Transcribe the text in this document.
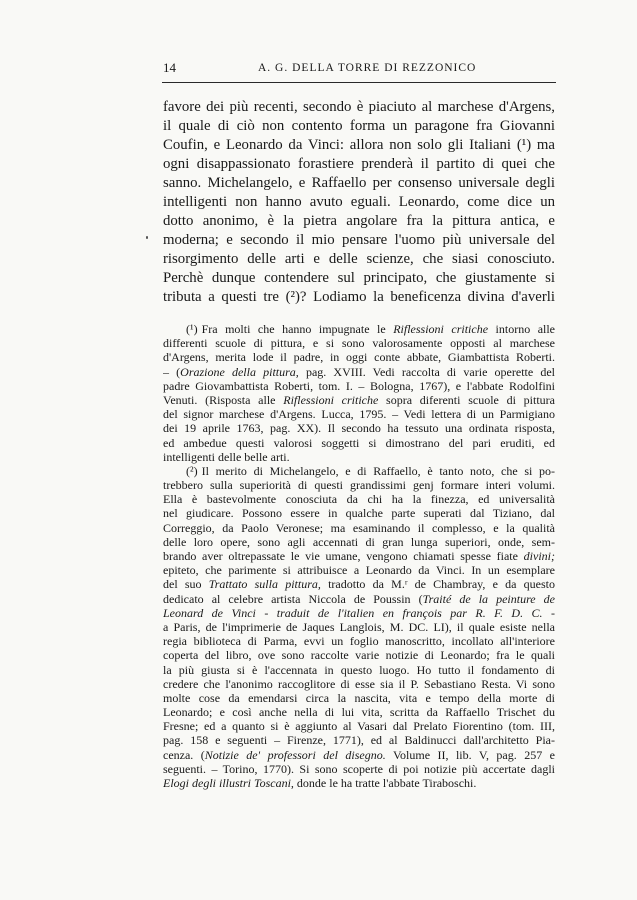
14	A. G. DELLA TORRE DI REZZONICO
favore dei più recenti, secondo è piaciuto al marchese d'Argens,
il quale di ciò non contento forma un paragone fra Giovanni
Coufin, e Leonardo da Vinci: allora non solo gli Italiani (¹) ma
ogni disappassionato forastiere prenderà il partito di quei che
sanno. Michelangelo, e Raffaello per consenso universale degli
intelligenti non hanno avuto eguali. Leonardo, come dice un
dotto anonimo, è la pietra angolare fra la pittura antica, e
moderna; e secondo il mio pensare l'uomo più universale del
risorgimento delle arti e delle scienze, che siasi conosciuto.
Perchè dunque contendere sul principato, che giustamente si
tributa a questi tre (²)? Lodiamo la beneficenza divina d'averli
(¹) Fra molti che hanno impugnate le Riflessioni critiche intorno alle
differenti scuole di pittura, e si sono valorosamente opposti al marchese
d'Argens, merita lode il padre, in oggi conte abbate, Giambattista Roberti.
– (Orazione della pittura, pag. XVIII. Vedi raccolta di varie operette del
padre Giovambattista Roberti, tom. I. – Bologna, 1767), e l'abbate Rodolfini
Venuti. (Risposta alle Riflessioni critiche sopra diferenti scuole di pittura
del signor marchese d'Argens. Lucca, 1795. – Vedi lettera di un Parmigiano
dei 19 aprile 1763, pag. XX). Il secondo ha tessuto una ordinata risposta,
ed ambedue questi valorosi soggetti si dimostrano del pari eruditi, ed
intelligenti delle belle arti.
(²) Il merito di Michelangelo, e di Raffaello, è tanto noto, che si po-
trebbero sulla superiorità di questi grandissimi genj formare interi volumi.
Ella è bastevolmente conosciuta da chi ha la finezza, ed universalità
nel giudicare. Possono essere in qualche parte superati dal Tiziano, dal
Correggio, da Paolo Veronese; ma esaminando il complesso, e la qualità
delle loro opere, sono agli accennati di gran lunga superiori, onde, sem-
brando aver oltrepassate le vie umane, vengono chiamati spesse fiate divini;
epiteto, che parimente si attribuisce a Leonardo da Vinci. In un esemplare
del suo Trattato sulla pittura, tradotto da M.ʳ de Chambray, e da questo
dedicato al celebre artista Niccola de Poussin (Traité de la peinture de
Leonard de Vinci - traduit de l'italien en françois par R. F. D. C. -
a Paris, de l'imprimerie de Jaques Langlois, M. DC. LI), il quale esiste nella
regia biblioteca di Parma, evvi un foglio manoscritto, incollato all'interiore
coperta del libro, ove sono raccolte varie notizie di Leonardo; fra le quali
la più giusta si è l'accennata in questo luogo. Ho tutto il fondamento di
credere che l'anonimo raccoglitore di esse sia il P. Sebastiano Resta. Vi sono
molte cose da emendarsi circa la nascita, vita e tempo della morte di
Leonardo; e così anche nella di lui vita, scritta da Raffaello Trischet du
Fresne; ed a quanto si è aggiunto al Vasari dal Prelato Fiorentino (tom. III,
pag. 158 e seguenti – Firenze, 1771), ed al Baldinucci dall'architetto Pia-
cenza. (Notizie de' professori del disegno. Volume II, lib. V, pag. 257 e
seguenti. – Torino, 1770). Si sono scoperte di poi notizie più accertate dagli
Elogi degli illustri Toscani, donde le ha tratte l'abbate Tiraboschi.
